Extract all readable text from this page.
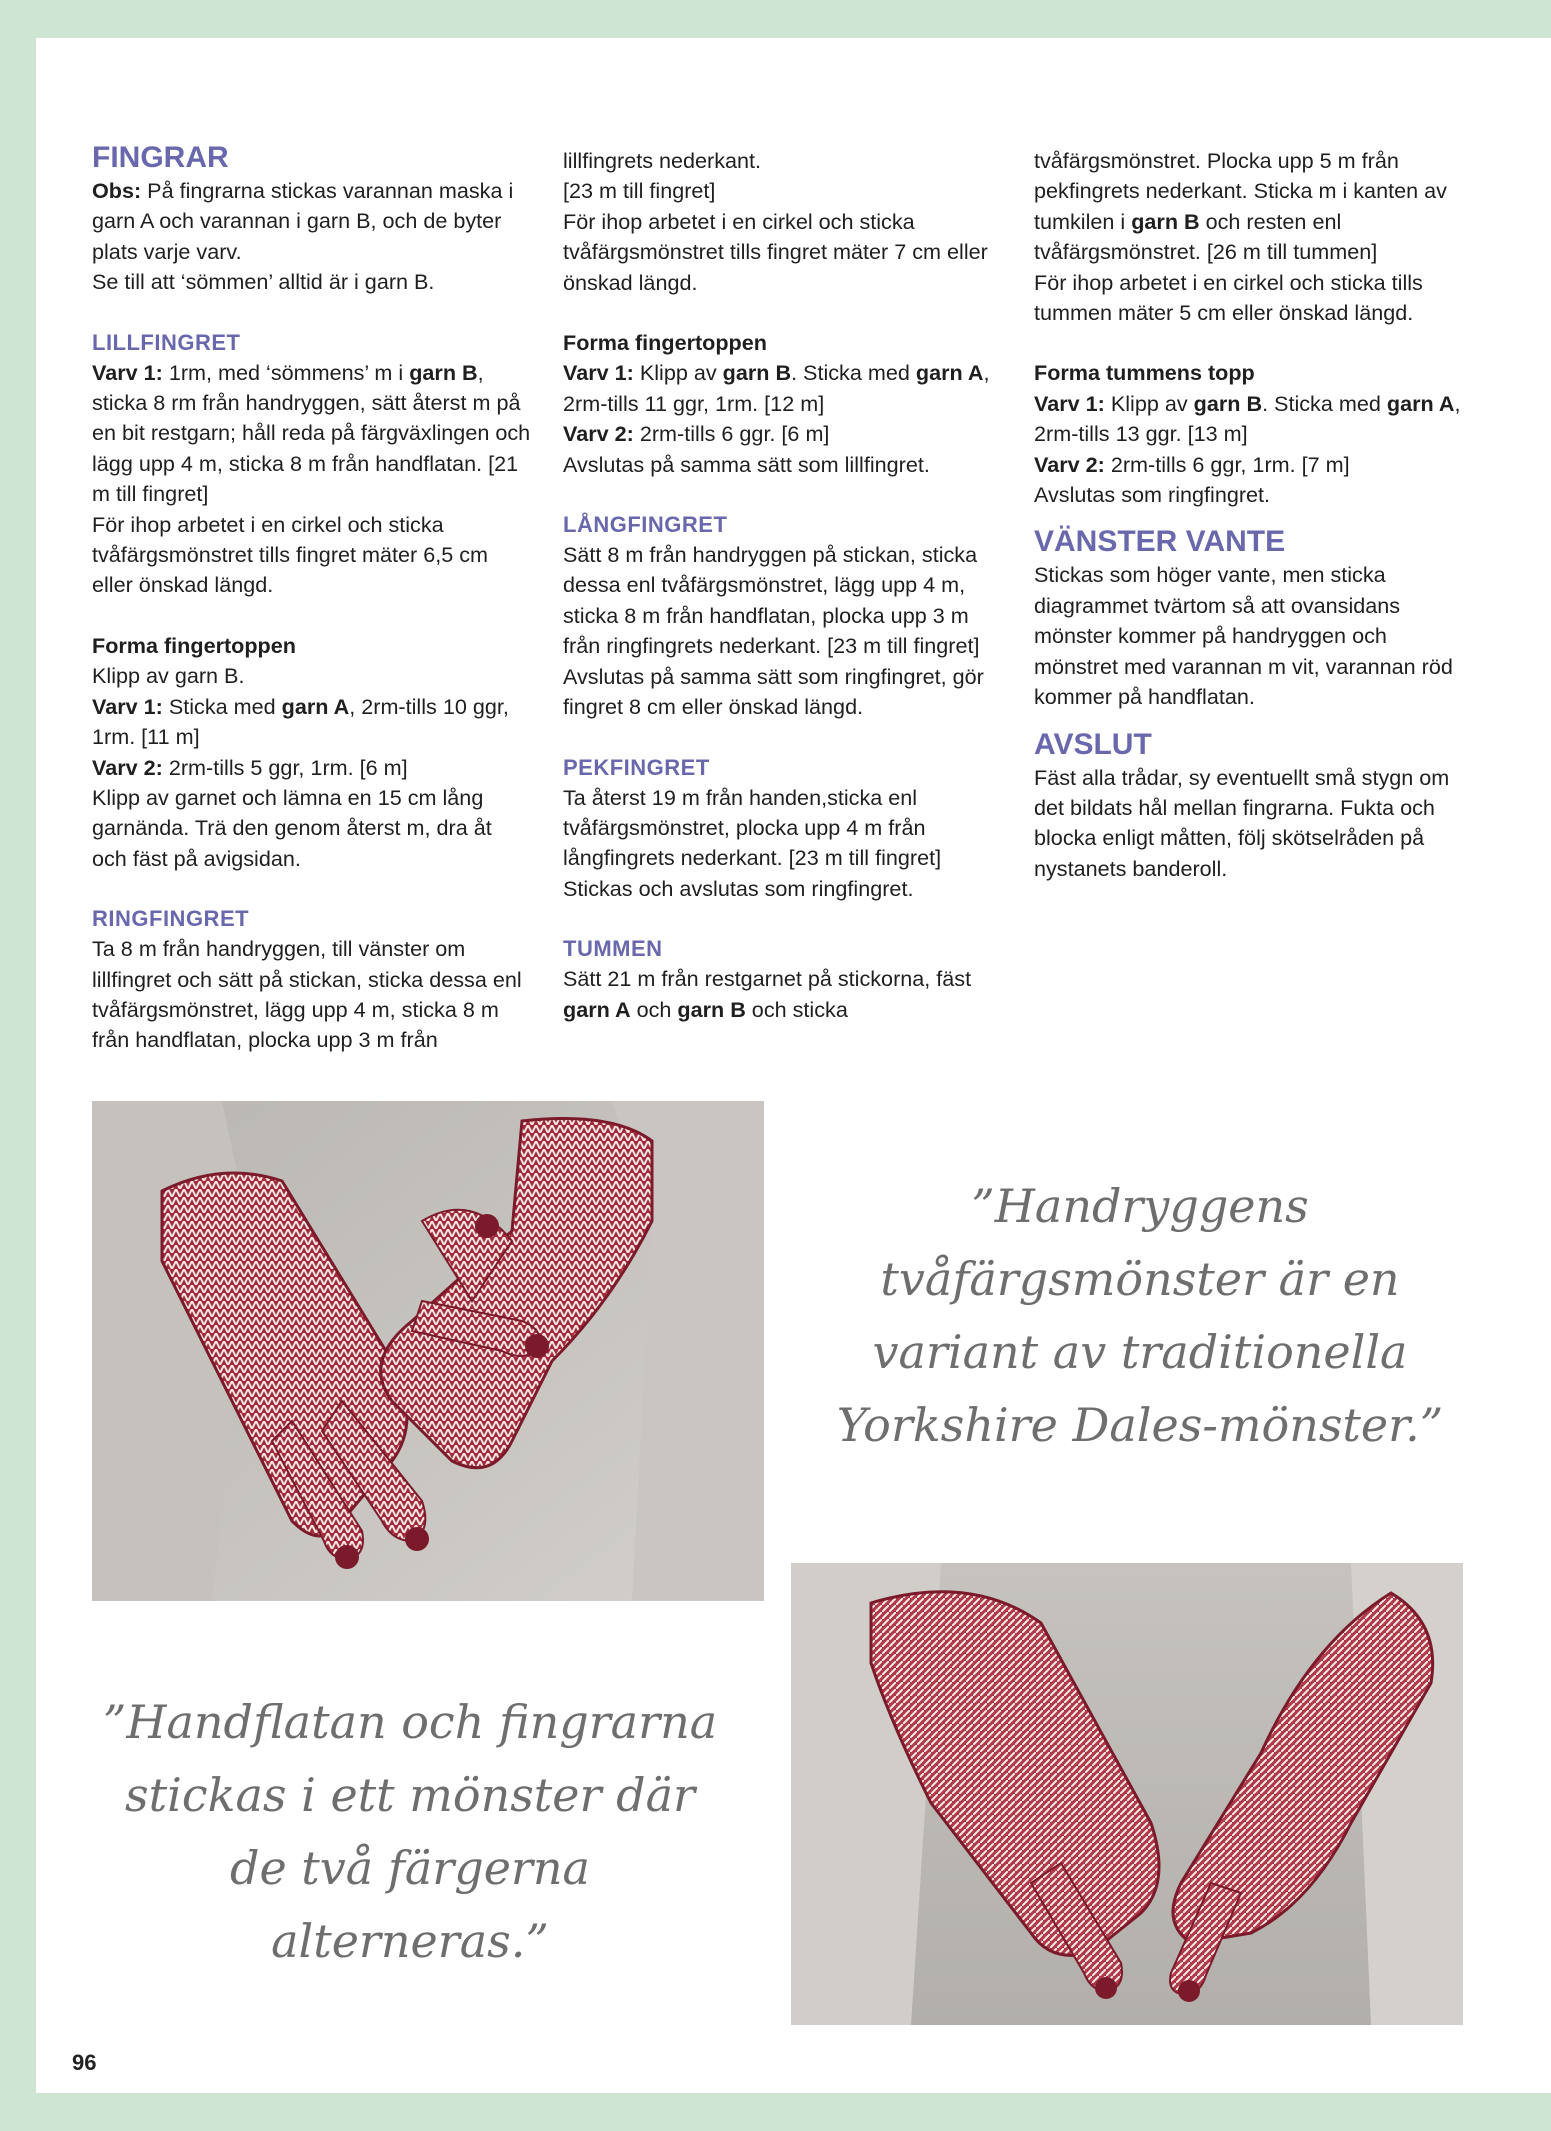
FINGRAR

Obs: På fingrarna stickas varannan maska i garn A och varannan i garn B, och de byter plats varje varv.

Se till att ‘sömmen’ alltid är i garn B.

LILLFINGRET

Varv 1: 1rm, med ‘sömmens’ m i garn B, sticka 8 rm från handryggen, sätt återst m på en bit restgarn; håll reda på färgväxlingen och lägg upp 4 m, sticka 8 m från handflatan. [21 m till fingret]

För ihop arbetet i en cirkel och sticka tvåfärgsmönstret tills fingret mäter 6,5 cm eller önskad längd.

Forma fingertoppen

Klipp av garn B.

Varv 1: Sticka med garn A, 2rm-tills 10 ggr, 1rm. [11 m]

Varv 2: 2rm-tills 5 ggr, 1rm. [6 m]

Klipp av garnet och lämna en 15 cm lång garnända. Trä den genom återst m, dra åt och fäst på avigsidan.

RINGFINGRET

Ta 8 m från handryggen, till vänster om lillfingret och sätt på stickan, sticka dessa enl tvåfärgsmönstret, lägg upp 4 m, sticka 8 m från handflatan, plocka upp 3 m från

lillfingrets nederkant.

[23 m till fingret]

För ihop arbetet i en cirkel och sticka tvåfärgsmönstret tills fingret mäter 7 cm eller önskad längd.

Forma fingertoppen

Varv 1: Klipp av garn B. Sticka med garn A, 2rm-tills 11 ggr, 1rm. [12 m]

Varv 2: 2rm-tills 6 ggr. [6 m]

Avslutas på samma sätt som lillfingret.

LÅNGFINGRET

Sätt 8 m från handryggen på stickan, sticka dessa enl tvåfärgsmönstret, lägg upp 4 m, sticka 8 m från handflatan, plocka upp 3 m från ringfingrets nederkant. [23 m till fingret]

Avslutas på samma sätt som ringfingret, gör fingret 8 cm eller önskad längd.

PEKFINGRET

Ta återst 19 m från handen,sticka enl tvåfärgsmönstret, plocka upp 4 m från långfingrets nederkant. [23 m till fingret]

Stickas och avslutas som ringfingret.

TUMMEN

Sätt 21 m från restgarnet på stickorna, fäst garn A och garn B och sticka

tvåfärgsmönstret. Plocka upp 5 m från pekfingrets nederkant. Sticka m i kanten av tumkilen i garn B och resten enl tvåfärgsmönstret. [26 m till tummen]

För ihop arbetet i en cirkel och sticka tills tummen mäter 5 cm eller önskad längd.

Forma tummens topp

Varv 1: Klipp av garn B. Sticka med garn A, 2rm-tills 13 ggr. [13 m]

Varv 2: 2rm-tills 6 ggr, 1rm. [7 m]

Avslutas som ringfingret.

VÄNSTER VANTE

Stickas som höger vante, men sticka diagrammet tvärtom så att ovansidans mönster kommer på handryggen och mönstret med varannan m vit, varannan röd kommer på handflatan.

AVSLUT

Fäst alla trådar, sy eventuellt små stygn om det bildats hål mellan fingrarna. Fukta och blocka enligt måtten, följ skötselråden på nystanets banderoll.

”Handryggens tvåfärgsmönster är en variant av traditionella Yorkshire Dales-mönster.”
”Handflatan och fingrarna stickas i ett mönster där de två färgerna alterneras.”
96
